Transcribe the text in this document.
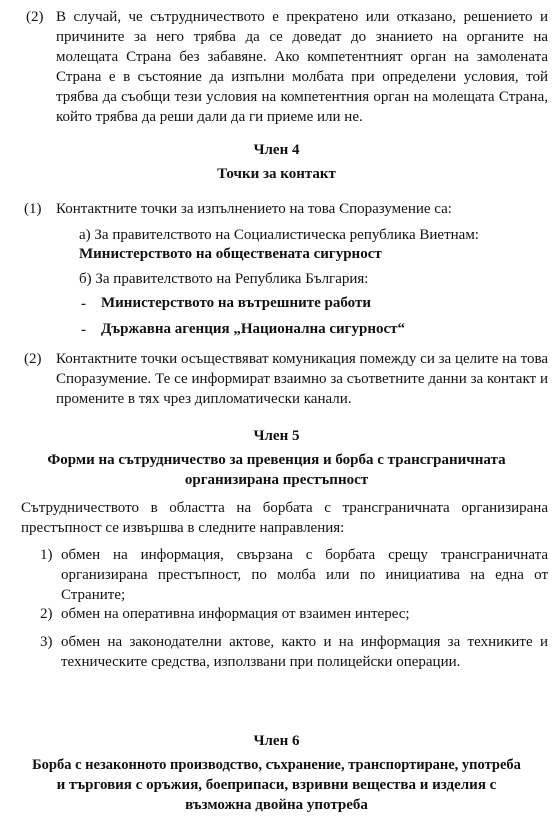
(2) В случай, че сътрудничеството е прекратено или отказано, решението и причините за него трябва да се доведат до знанието на органите на молещата Страна без забавяне. Ако компетентният орган на замолената Страна е в състояние да изпълни молбата при определени условия, той трябва да съобщи тези условия на компетентния орган на молещата Страна, който трябва да реши дали да ги приеме или не.
Член 4
Точки за контакт
(1) Контактните точки за изпълнението на това Споразумение са:
а) За правителството на Социалистическа република Виетнам:
Министерството на обществената сигурност
б) За правителството на Република България:
- Министерството на вътрешните работи
- Държавна агенция „Национална сигурност“
(2) Контактните точки осъществяват комуникация помежду си за целите на това Споразумение. Те се информират взаимно за съответните данни за контакт и промените в тях чрез дипломатически канали.
Член 5
Форми на сътрудничество за превенция и борба с трансграничната
организирана престъпност
Сътрудничеството в областта на борбата с трансграничната организирана престъпност се извършва в следните направления:
1) обмен на информация, свързана с борбата срещу трансграничната организирана престъпност, по молба или по инициатива на една от Страните;
2) обмен на оперативна информация от взаимен интерес;
3) обмен на законодателни актове, както и на информация за техниките и техническите средства, използвани при полицейски операции.
Член 6
Борба с незаконното производство, съхранение, транспортиране, употреба
и търговия с оръжия, боеприпаси, взривни вещества и изделия с
възможна двойна употреба
